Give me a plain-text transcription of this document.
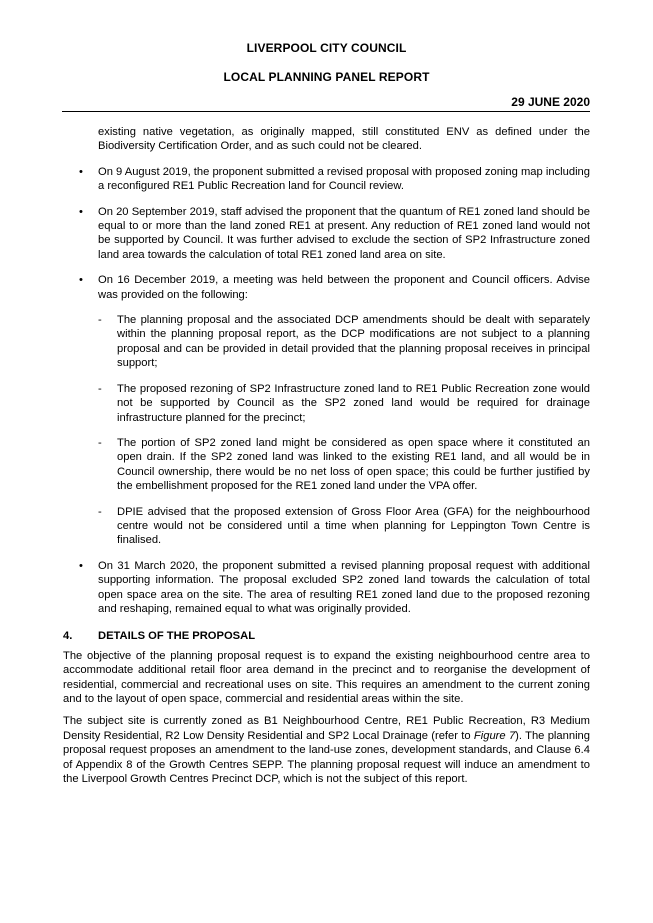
LIVERPOOL CITY COUNCIL
LOCAL PLANNING PANEL REPORT
29 JUNE 2020

existing native vegetation, as originally mapped, still constituted ENV as defined under the Biodiversity Certification Order, and as such could not be cleared.

•	On 9 August 2019, the proponent submitted a revised proposal with proposed zoning map including a reconfigured RE1 Public Recreation land for Council review.

•	On 20 September 2019, staff advised the proponent that the quantum of RE1 zoned land should be equal to or more than the land zoned RE1 at present. Any reduction of RE1 zoned land would not be supported by Council. It was further advised to exclude the section of SP2 Infrastructure zoned land area towards the calculation of total RE1 zoned land area on site.

•	On 16 December 2019, a meeting was held between the proponent and Council officers. Advise was provided on the following:

-	The planning proposal and the associated DCP amendments should be dealt with separately within the planning proposal report, as the DCP modifications are not subject to a planning proposal and can be provided in detail provided that the planning proposal receives in principal support;

-	The proposed rezoning of SP2 Infrastructure zoned land to RE1 Public Recreation zone would not be supported by Council as the SP2 zoned land would be required for drainage infrastructure planned for the precinct;

-	The portion of SP2 zoned land might be considered as open space where it constituted an open drain. If the SP2 zoned land was linked to the existing RE1 land, and all would be in Council ownership, there would be no net loss of open space; this could be further justified by the embellishment proposed for the RE1 zoned land under the VPA offer.

-	DPIE advised that the proposed extension of Gross Floor Area (GFA) for the neighbourhood centre would not be considered until a time when planning for Leppington Town Centre is finalised.

•	On 31 March 2020, the proponent submitted a revised planning proposal request with additional supporting information. The proposal excluded SP2 zoned land towards the calculation of total open space area on the site. The area of resulting RE1 zoned land due to the proposed rezoning and reshaping, remained equal to what was originally provided.

4.	DETAILS OF THE PROPOSAL

The objective of the planning proposal request is to expand the existing neighbourhood centre area to accommodate additional retail floor area demand in the precinct and to reorganise the development of residential, commercial and recreational uses on site. This requires an amendment to the current zoning and to the layout of open space, commercial and residential areas within the site.

The subject site is currently zoned as B1 Neighbourhood Centre, RE1 Public Recreation, R3 Medium Density Residential, R2 Low Density Residential and SP2 Local Drainage (refer to Figure 7). The planning proposal request proposes an amendment to the land-use zones, development standards, and Clause 6.4 of Appendix 8 of the Growth Centres SEPP. The planning proposal request will induce an amendment to the Liverpool Growth Centres Precinct DCP, which is not the subject of this report.
